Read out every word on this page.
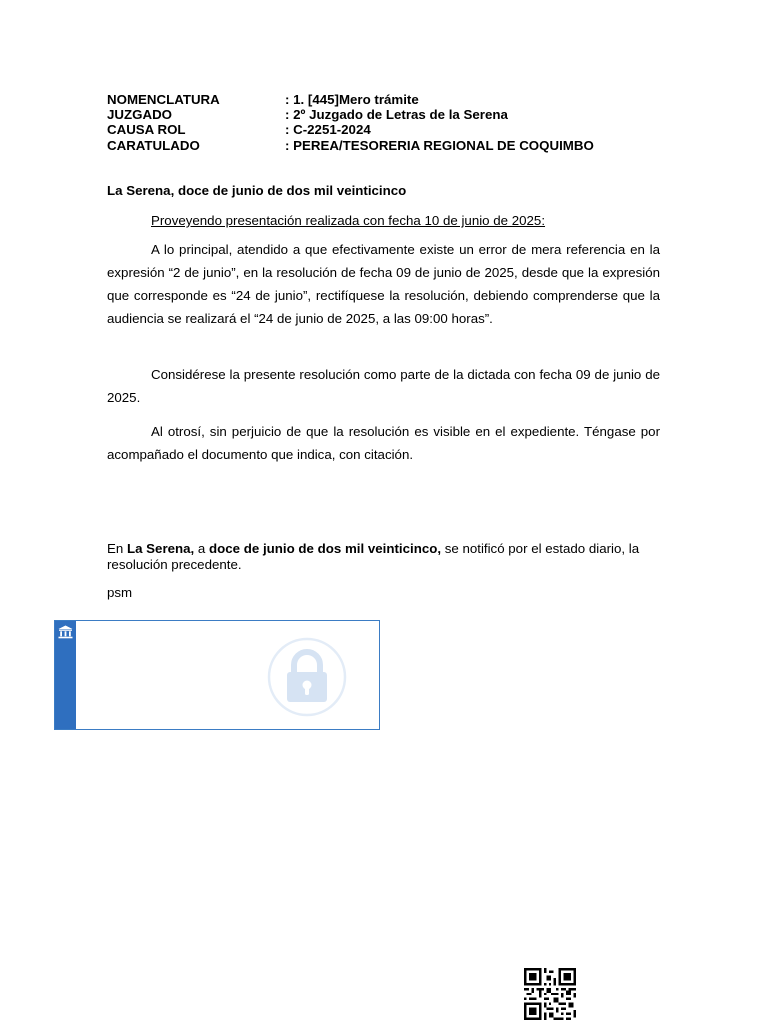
NOMENCLATURA	: 1. [445]Mero trámite
JUZGADO	: 2º Juzgado de Letras de la Serena
CAUSA ROL	: C-2251-2024
CARATULADO	: PEREA/TESORERIA REGIONAL DE COQUIMBO
La Serena, doce de junio de dos mil veinticinco
Proveyendo presentación realizada con fecha 10 de junio de 2025:
A lo principal, atendido a que efectivamente existe un error de mera referencia en la expresión “2 de junio”, en la resolución de fecha 09 de junio de 2025, desde que la expresión que corresponde es “24 de junio”, rectifíquese la resolución, debiendo comprenderse que la audiencia se realizará el “24 de junio de 2025, a las 09:00 horas”.
Considérese la presente resolución como parte de la dictada con fecha 09 de junio de 2025.
Al otrosí, sin perjuicio de que la resolución es visible en el expediente. Téngase por acompañado el documento que indica, con citación.
En La Serena, a doce de junio de dos mil veinticinco, se notificó por el estado diario, la resolución precedente.
psm
